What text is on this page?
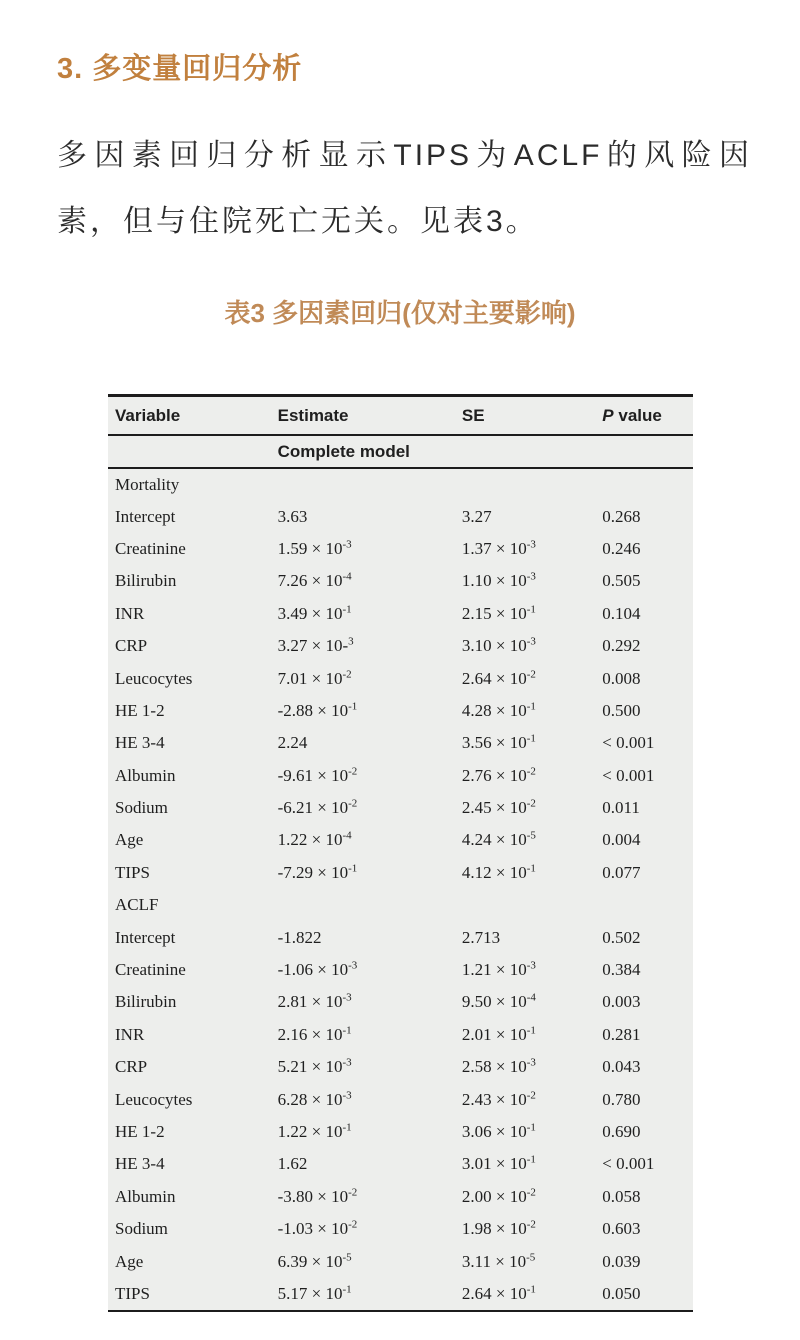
3. 多变量回归分析

多因素回归分析显示TIPS为ACLF的风险因素，但与住院死亡无关。见表3。

表3 多因素回归(仅对主要影响)
Variable	Estimate	SE	P value
	Complete model		
Mortality			
Intercept	3.63	3.27	0.268
Creatinine	$1.59 \times 10^{-3}$	$1.37 \times 10^{-3}$	0.246
Bilirubin	$7.26 \times 10^{-4}$	$1.10 \times 10^{-3}$	0.505
INR	$3.49 \times 10^{-1}$	$2.15 \times 10^{-1}$	0.104
CRP	3.27 × 10-$^3$	$3.10 \times 10^{-3}$	0.292
Leucocytes	$7.01 \times 10^{-2}$	$2.64 \times 10^{-2}$	0.008
HE 1-2	$-2.88 \times 10^{-1}$	$4.28 \times 10^{-1}$	0.500
HE 3-4	2.24	$3.56 \times 10^{-1}$	< 0.001
Albumin	$-9.61 \times 10^{-2}$	$2.76 \times 10^{-2}$	< 0.001
Sodium	$-6.21 \times 10^{-2}$	$2.45 \times 10^{-2}$	0.011
Age	$1.22 \times 10^{-4}$	$4.24 \times 10^{-5}$	0.004
TIPS	$-7.29 \times 10^{-1}$	$4.12 \times 10^{-1}$	0.077
ACLF			
Intercept	-1.822	2.713	0.502
Creatinine	$-1.06 \times 10^{-3}$	$1.21 \times 10^{-3}$	0.384
Bilirubin	$2.81 \times 10^{-3}$	$9.50 \times 10^{-4}$	0.003
INR	$2.16 \times 10^{-1}$	$2.01 \times 10^{-1}$	0.281
CRP	$5.21 \times 10^{-3}$	$2.58 \times 10^{-3}$	0.043
Leucocytes	$6.28 \times 10^{-3}$	$2.43 \times 10^{-2}$	0.780
HE 1-2	$1.22 \times 10^{-1}$	$3.06 \times 10^{-1}$	0.690
HE 3-4	1.62	$3.01 \times 10^{-1}$	< 0.001
Albumin	$-3.80 \times 10^{-2}$	$2.00 \times 10^{-2}$	0.058
Sodium	$-1.03 \times 10^{-2}$	$1.98 \times 10^{-2}$	0.603
Age	$6.39 \times 10^{-5}$	$3.11 \times 10^{-5}$	0.039
TIPS	$5.17 \times 10^{-1}$	$2.64 \times 10^{-1}$	0.050
